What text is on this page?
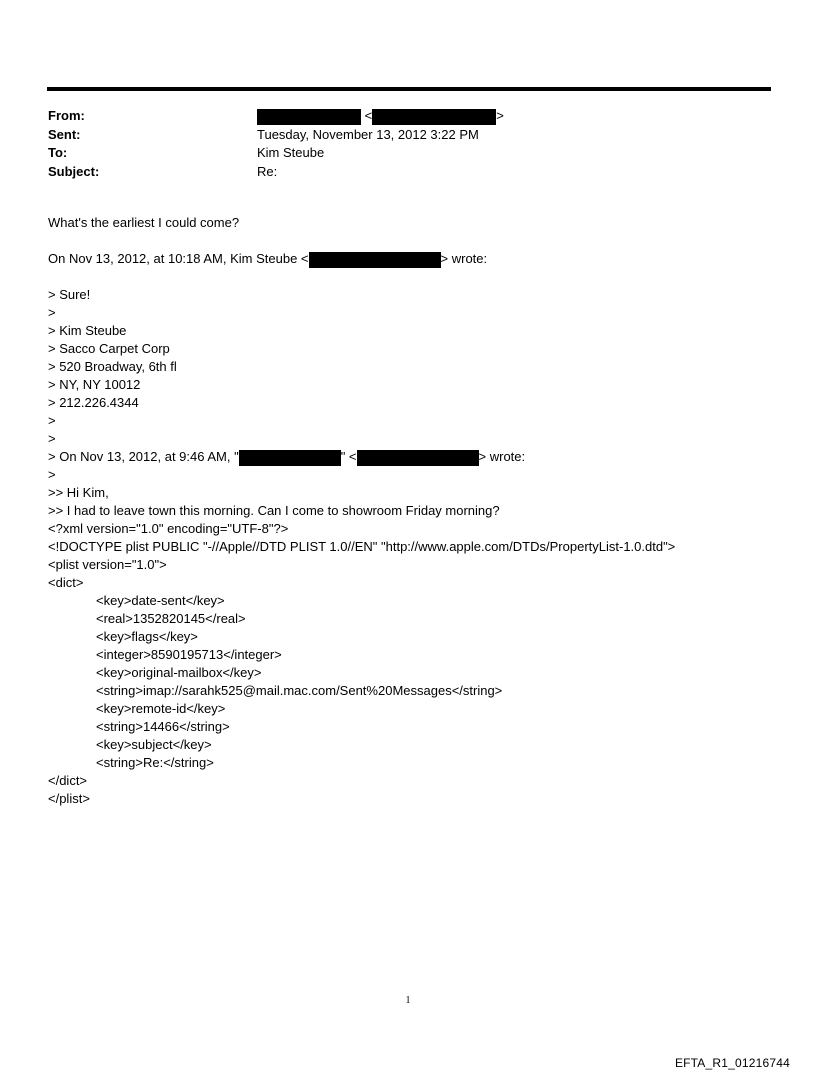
From:	<	>
Sent:	Tuesday, November 13, 2012 3:22 PM
To:	Kim Steube
Subject:	Re:
What's the earliest I could come?
On Nov 13, 2012, at 10:18 AM, Kim Steube <	> wrote:
> Sure!
>
> Kim Steube
> Sacco Carpet Corp
> 520 Broadway, 6th fl
> NY, NY 10012
> 212.226.4344
>
>
> On Nov 13, 2012, at 9:46 AM, "	" <	> wrote:
>
>> Hi Kim,
>> I had to leave town this morning. Can I come to showroom Friday morning?
<?xml version="1.0" encoding="UTF-8"?>
<!DOCTYPE plist PUBLIC "-//Apple//DTD PLIST 1.0//EN" "http://www.apple.com/DTDs/PropertyList-1.0.dtd">
<plist version="1.0">
<dict>
<key>date-sent</key>
<real>1352820145</real>
<key>flags</key>
<integer>8590195713</integer>
<key>original-mailbox</key>
<string>imap://sarahk525@mail.mac.com/Sent%20Messages</string>
<key>remote-id</key>
<string>14466</string>
<key>subject</key>
<string>Re:</string>
</dict>
</plist>
1
EFTA_R1_01216744
